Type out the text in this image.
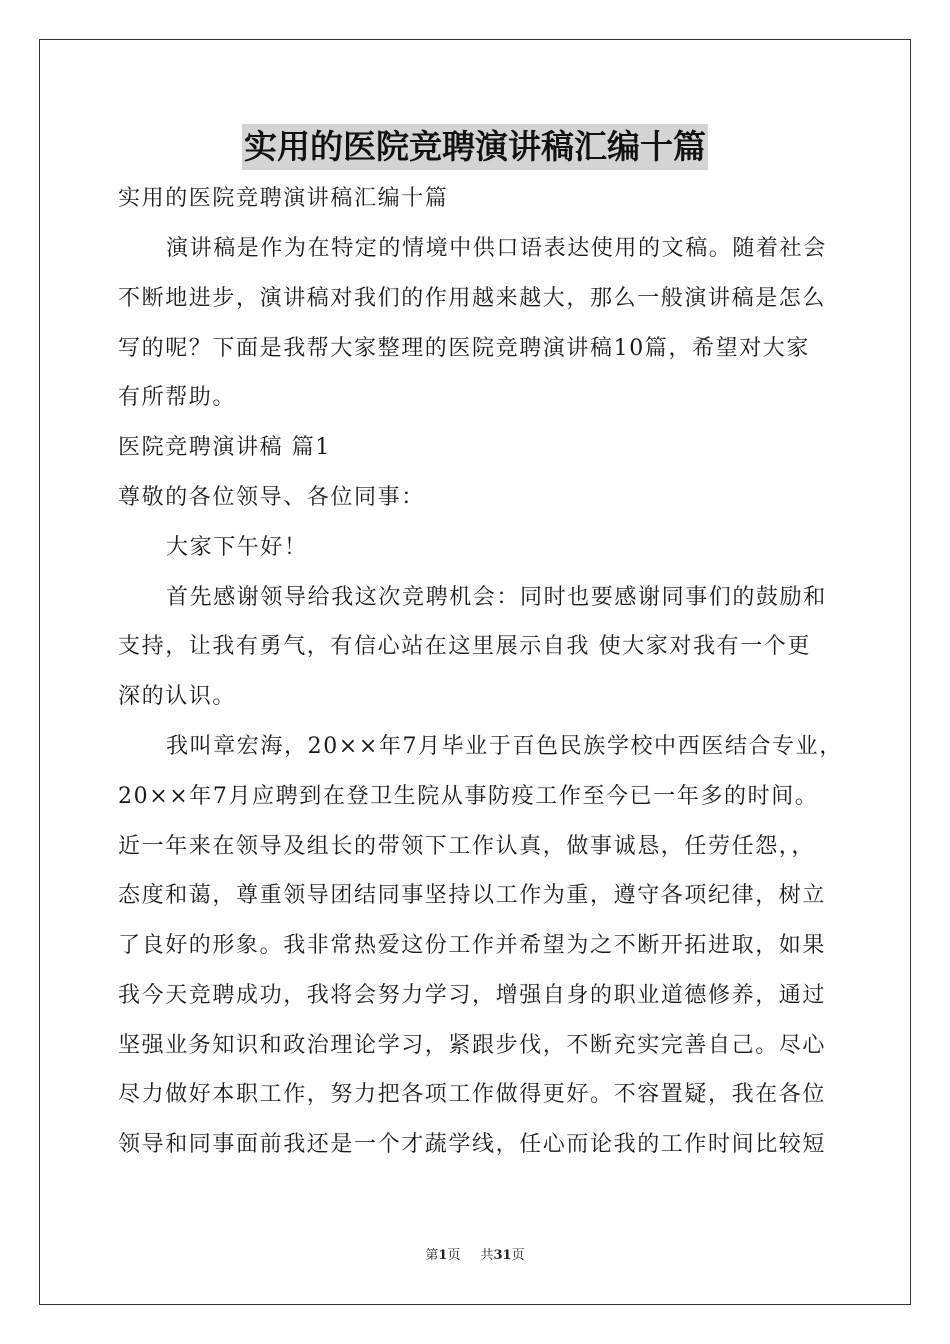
实用的医院竞聘演讲稿汇编十篇
实用的医院竞聘演讲稿汇编十篇
演讲稿是作为在特定的情境中供口语表达使用的文稿。随着社会
不断地进步，演讲稿对我们的作用越来越大，那么一般演讲稿是怎么
写的呢？下面是我帮大家整理的医院竞聘演讲稿10篇，希望对大家
有所帮助。
医院竞聘演讲稿 篇1
尊敬的各位领导、各位同事：
大家下午好！
首先感谢领导给我这次竞聘机会：同时也要感谢同事们的鼓励和
支持，让我有勇气，有信心站在这里展示自我 使大家对我有一个更
深的认识。
我叫章宏海，20××年7月毕业于百色民族学校中西医结合专业，
20××年7月应聘到在登卫生院从事防疫工作至今已一年多的时间。
近一年来在领导及组长的带领下工作认真，做事诚恳，任劳任怨，，
态度和蔼，尊重领导团结同事坚持以工作为重，遵守各项纪律，树立
了良好的形象。我非常热爱这份工作并希望为之不断开拓进取，如果
我今天竞聘成功，我将会努力学习，增强自身的职业道德修养，通过
坚强业务知识和政治理论学习，紧跟步伐，不断充实完善自己。尽心
尽力做好本职工作，努力把各项工作做得更好。不容置疑，我在各位
领导和同事面前我还是一个才蔬学线，任心而论我的工作时间比较短
第1页 共31页
